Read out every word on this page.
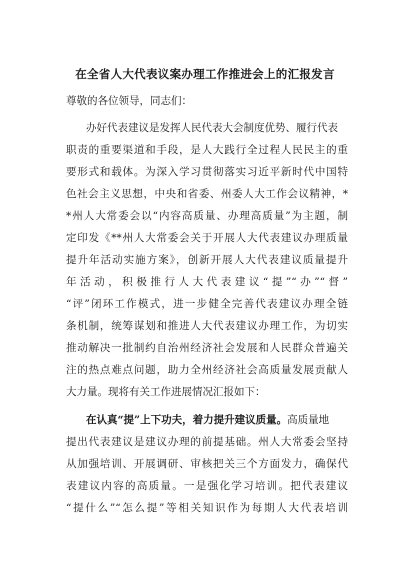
在全省人大代表议案办理工作推进会上的汇报发言
尊敬的各位领导，同志们：
办好代表建议是发挥人民代表大会制度优势、履行代表
职责的重要渠道和手段，是人大践行全过程人民民主的重
要形式和载体。为深入学习贯彻落实习近平新时代中国特
色社会主义思想，中央和省委、州委人大工作会议精神，*
*州人大常委会以“内容高质量、办理高质量”为主题，制
定印发《**州人大常委会关于开展人大代表建议办理质量
提升年活动实施方案》，创新开展人大代表建议质量提升
年活动，积极推行人大代表建议“提”“办”“督”
“评”闭环工作模式，进一步健全完善代表建议办理全链
条机制，统筹谋划和推进人大代表建议办理工作，为切实
推动解决一批制约自治州经济社会发展和人民群众普遍关
注的热点难点问题，助力全州经济社会高质量发展贡献人
大力量。现将有关工作进展情况汇报如下：
在认真“提”上下功夫，着力提升建议质量。高质量地
提出代表建议是建议办理的前提基础。州人大常委会坚持
从加强培训、开展调研、审核把关三个方面发力，确保代
表建议内容的高质量。一是强化学习培训。把代表建议
“提什么”“怎么提”等相关知识作为每期人大代表培训
